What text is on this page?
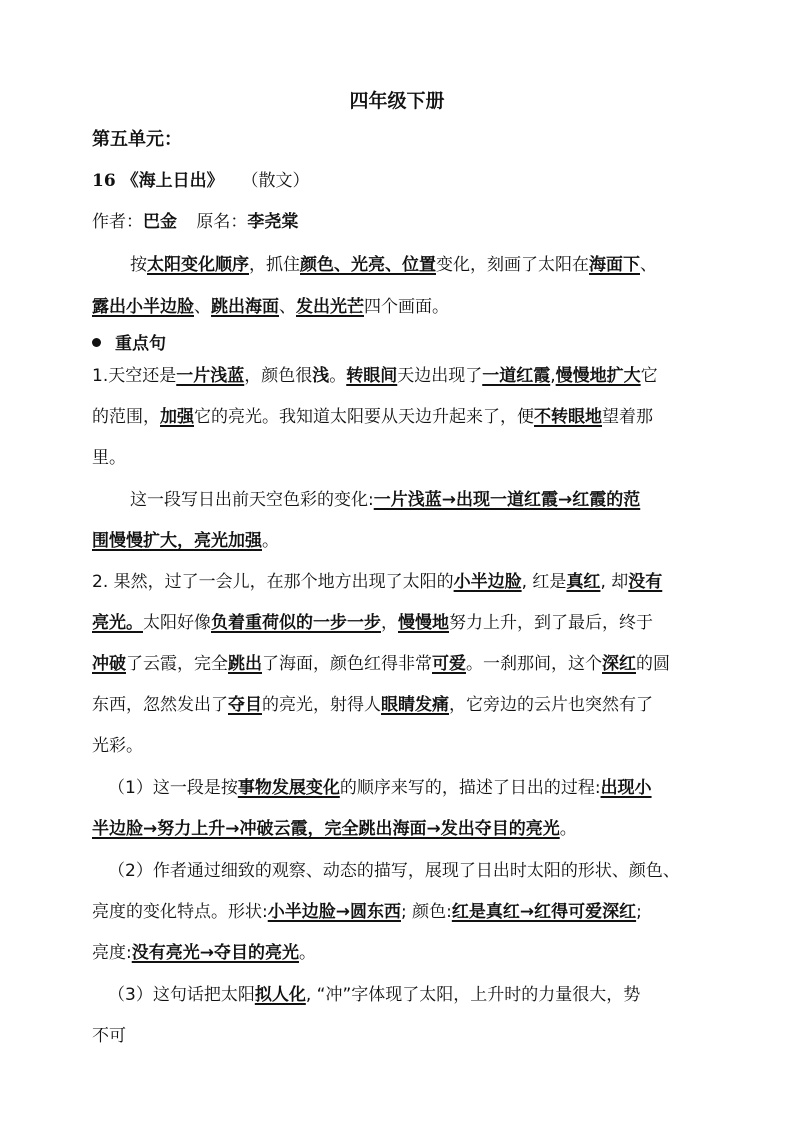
四年级下册
第五单元：
16 《海上日出》 （散文）
作者：巴金 原名：李尧棠
按太阳变化顺序，抓住颜色、光亮、位置变化，刻画了太阳在海面下、
露出小半边脸、跳出海面、发出光芒四个画面。
重点句
1.天空还是一片浅蓝，颜色很浅。转眼间天边出现了一道红霞,慢慢地扩大它
的范围，加强它的亮光。我知道太阳要从天边升起来了，便不转眼地望着那
里。
这一段写日出前天空色彩的变化:一片浅蓝→出现一道红霞→红霞的范
围慢慢扩大，亮光加强。
2. 果然，过了一会儿，在那个地方出现了太阳的小半边脸, 红是真红, 却没有
亮光。太阳好像负着重荷似的一步一步，慢慢地努力上升，到了最后，终于
冲破了云霞，完全跳出了海面，颜色红得非常可爱。一刹那间，这个深红的圆
东西，忽然发出了夺目的亮光，射得人眼睛发痛，它旁边的云片也突然有了
光彩。
（1）这一段是按事物发展变化的顺序来写的，描述了日出的过程:出现小
半边脸→努力上升→冲破云霞，完全跳出海面→发出夺目的亮光。
（2）作者通过细致的观察、动态的描写，展现了日出时太阳的形状、颜色、
亮度的变化特点。形状:小半边脸→圆东西; 颜色:红是真红→红得可爱深红;
亮度:没有亮光→夺目的亮光。
（3）这句话把太阳拟人化, “冲”字体现了太阳，上升时的力量很大，势
不可
